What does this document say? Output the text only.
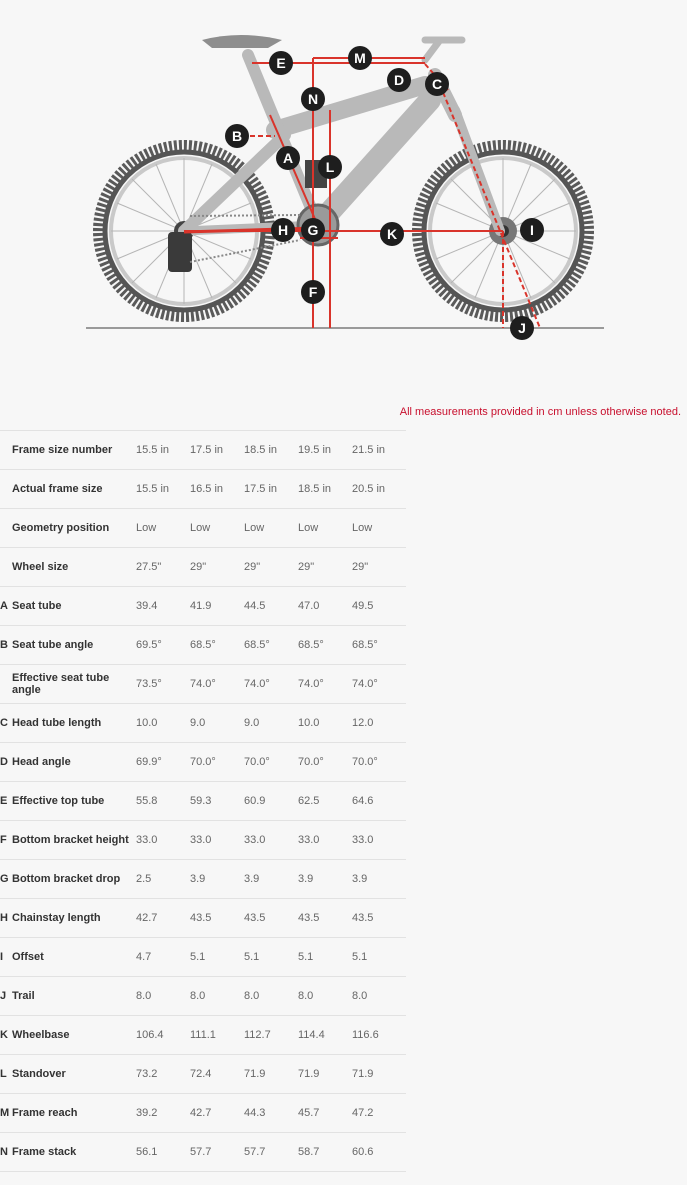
A
B
C
D
E
F
G
H	I
J
K
L
M
N
All measurements provided in cm unless otherwise noted.
	Frame size number	15.5 in	17.5 in	18.5 in	19.5 in	21.5 in
	Actual frame size	15.5 in	16.5 in	17.5 in	18.5 in	20.5 in
	Geometry position	Low	Low	Low	Low	Low
	Wheel size	27.5"	29"	29"	29"	29"
A	Seat tube	39.4	41.9	44.5	47.0	49.5
B	Seat tube angle	69.5°	68.5°	68.5°	68.5°	68.5°
	Effective seat tube angle	73.5°	74.0°	74.0°	74.0°	74.0°
C	Head tube length	10.0	9.0	9.0	10.0	12.0
D	Head angle	69.9°	70.0°	70.0°	70.0°	70.0°
E	Effective top tube	55.8	59.3	60.9	62.5	64.6
F	Bottom bracket height	33.0	33.0	33.0	33.0	33.0
G	Bottom bracket drop	2.5	3.9	3.9	3.9	3.9
H	Chainstay length	42.7	43.5	43.5	43.5	43.5
I	Offset	4.7	5.1	5.1	5.1	5.1
J	Trail	8.0	8.0	8.0	8.0	8.0
K	Wheelbase	106.4	111.1	112.7	114.4	116.6
L	Standover	73.2	72.4	71.9	71.9	71.9
M	Frame reach	39.2	42.7	44.3	45.7	47.2
N	Frame stack	56.1	57.7	57.7	58.7	60.6
